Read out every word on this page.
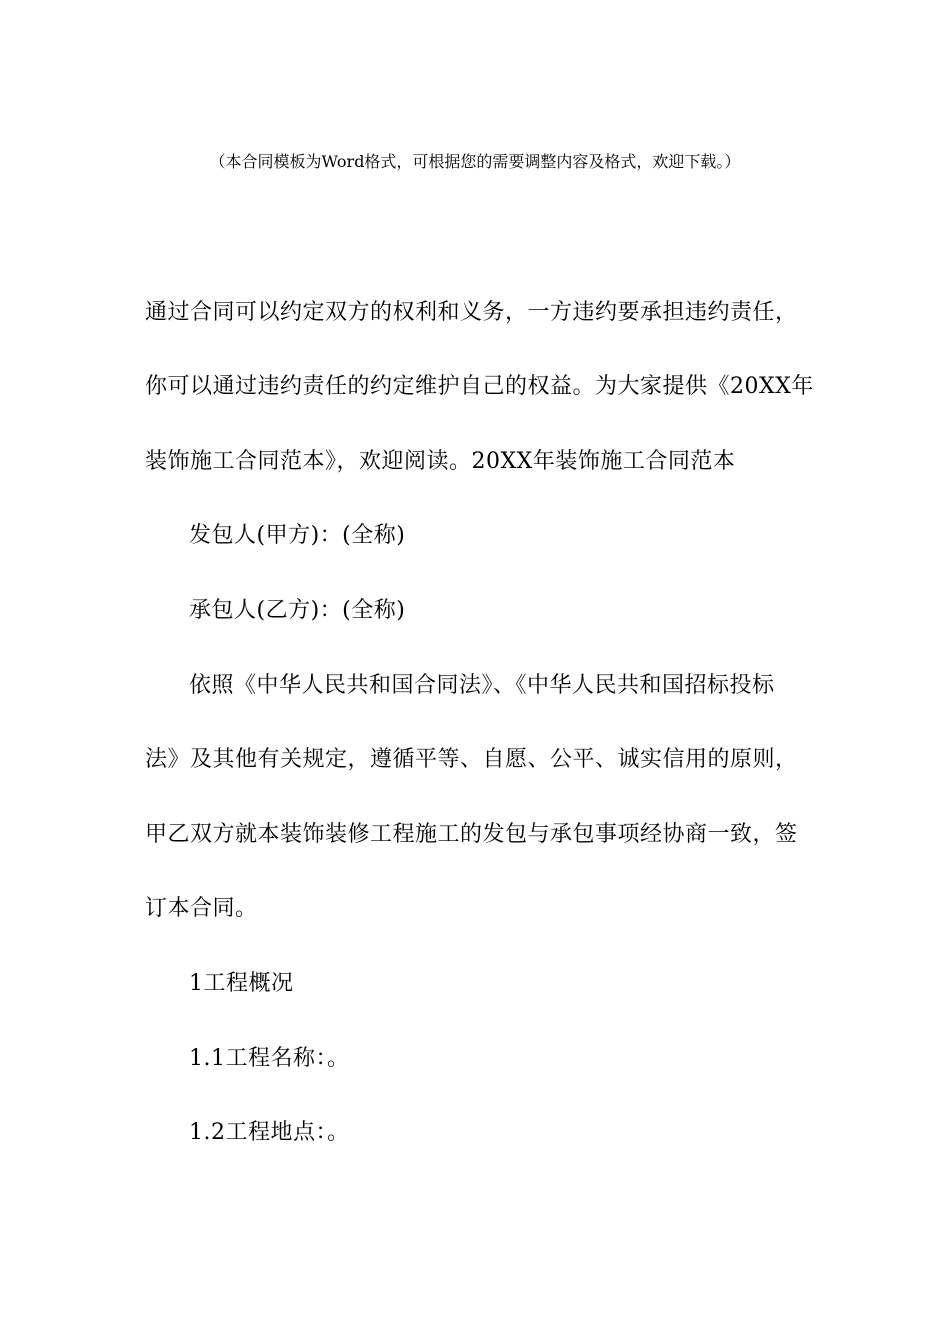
（本合同模板为Word格式，可根据您的需要调整内容及格式，欢迎下载。）
通过合同可以约定双方的权利和义务，一方违约要承担违约责任，
你可以通过违约责任的约定维护自己的权益。为大家提供《20XX年
装饰施工合同范本》，欢迎阅读。20XX年装饰施工合同范本
发包人(甲方)：(全称)
承包人(乙方)：(全称)
依照《中华人民共和国合同法》、《中华人民共和国招标投标
法》及其他有关规定，遵循平等、自愿、公平、诚实信用的原则，
甲乙双方就本装饰装修工程施工的发包与承包事项经协商一致，签
订本合同。
1工程概况
1.1工程名称：。
1.2工程地点：。
